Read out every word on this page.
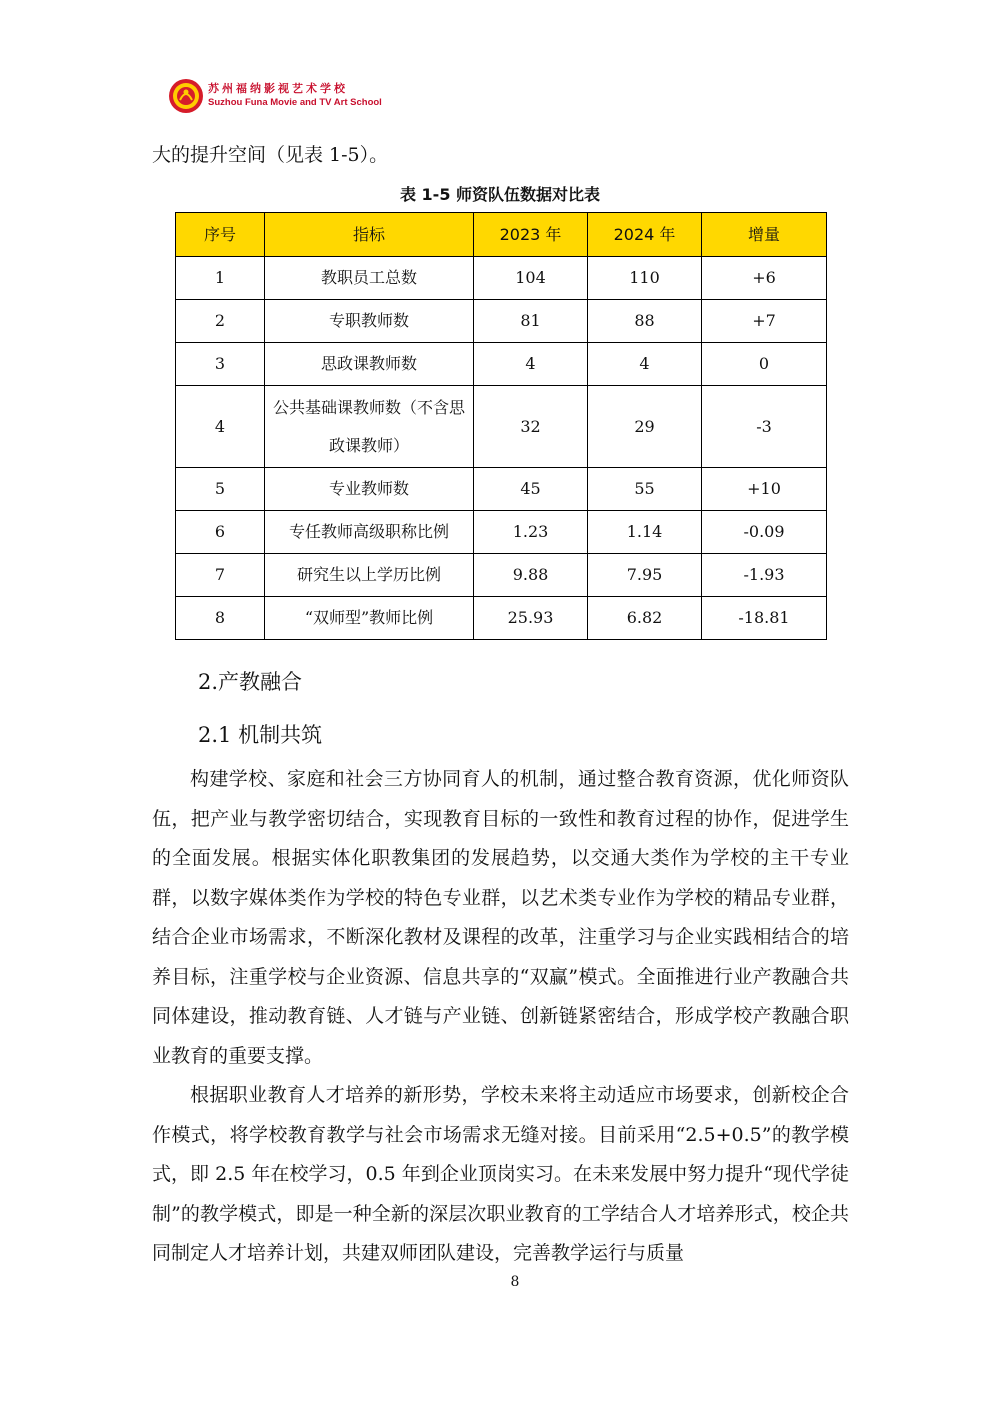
苏州福纳影视艺术学校
Suzhou Funa Movie and TV Art School
大的提升空间（见表 1-5）。
表 1-5 师资队伍数据对比表
序号	指标	2023 年	2024 年	增量
1	教职员工总数	104	110	+6
2	专职教师数	81	88	+7
3	思政课教师数	4	4	0
4	公共基础课教师数（不含思政课教师）	32	29	-3
5	专业教师数	45	55	+10
6	专任教师高级职称比例	1.23	1.14	-0.09
7	研究生以上学历比例	9.88	7.95	-1.93
8	“双师型”教师比例	25.93	6.82	-18.81
2.产教融合
2.1 机制共筑

构建学校、家庭和社会三方协同育人的机制，通过整合教育资源，优化师资队伍，把产业与教学密切结合，实现教育目标的一致性和教育过程的协作，促进学生的全面发展。根据实体化职教集团的发展趋势，以交通大类作为学校的主干专业群，以数字媒体类作为学校的特色专业群，以艺术类专业作为学校的精品专业群，结合企业市场需求，不断深化教材及课程的改革，注重学习与企业实践相结合的培养目标，注重学校与企业资源、信息共享的“双赢”模式。全面推进行业产教融合共同体建设，推动教育链、人才链与产业链、创新链紧密结合，形成学校产教融合职业教育的重要支撑。

根据职业教育人才培养的新形势，学校未来将主动适应市场要求，创新校企合作模式，将学校教育教学与社会市场需求无缝对接。目前采用“2.5+0.5”的教学模式，即 2.5 年在校学习，0.5 年到企业顶岗实习。在未来发展中努力提升“现代学徒制”的教学模式，即是一种全新的深层次职业教育的工学结合人才培养形式，校企共同制定人才培养计划，共建双师团队建设，完善教学运行与质量

8
